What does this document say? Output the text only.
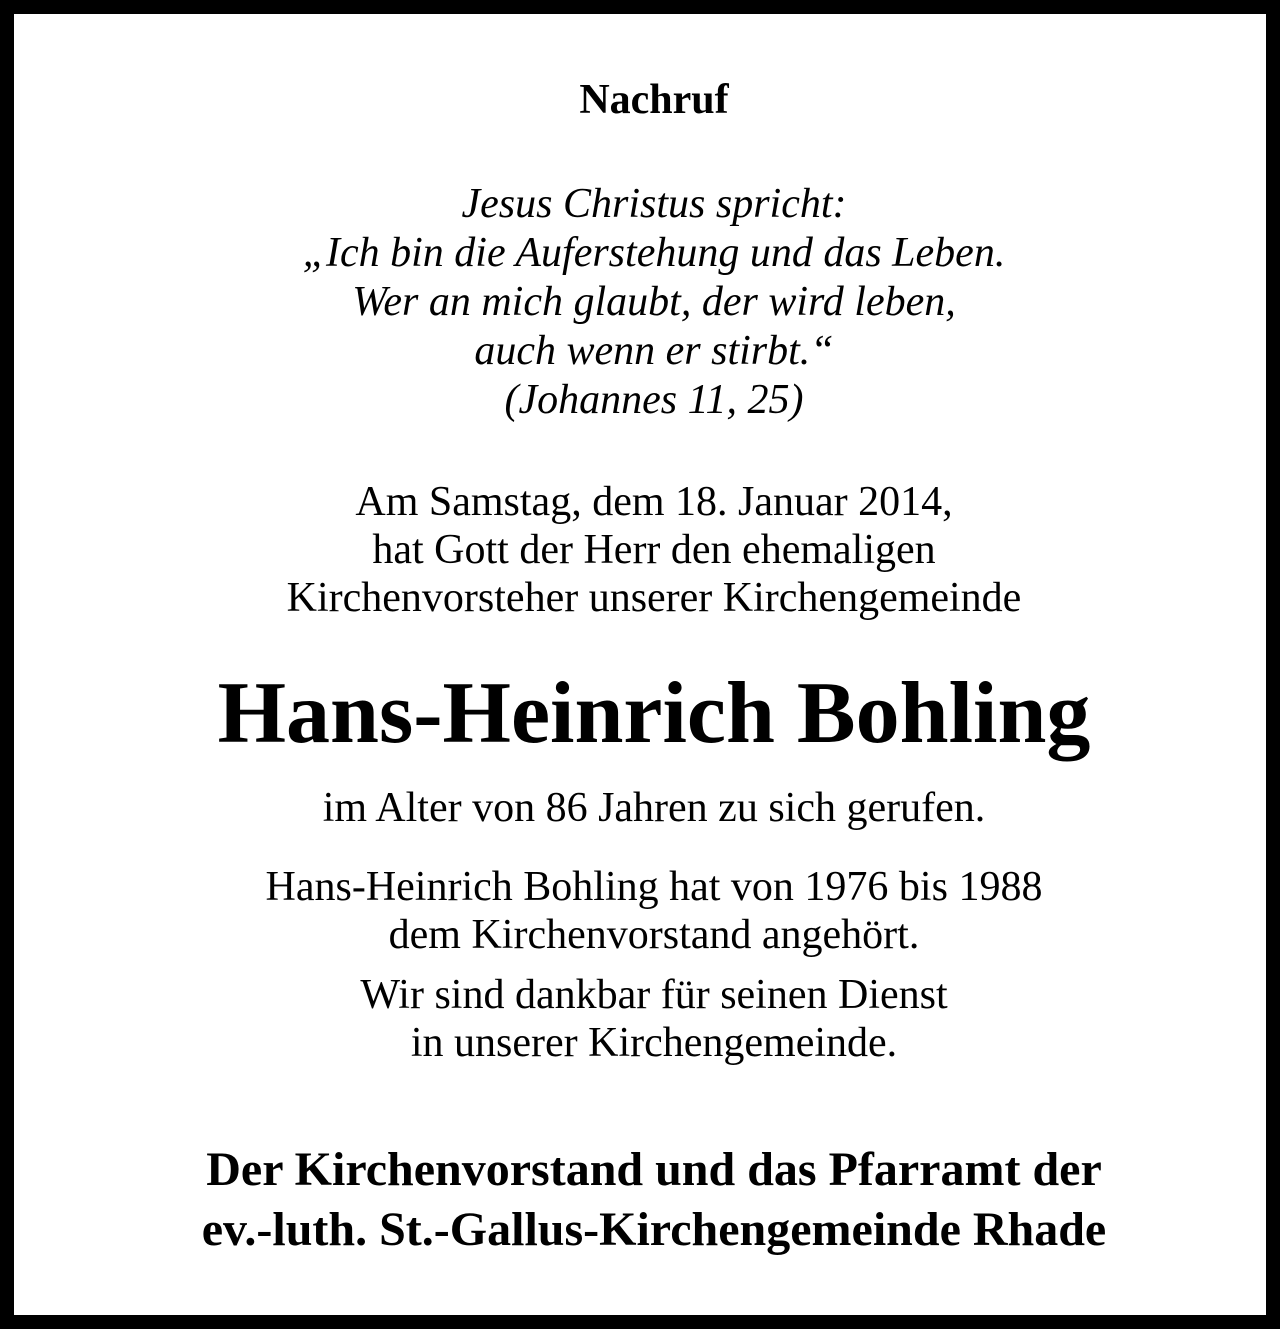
Nachruf

Jesus Christus spricht:

„Ich bin die Auferstehung und das Leben.

Wer an mich glaubt, der wird leben,

auch wenn er stirbt.“

(Johannes 11, 25)

Am Samstag, dem 18. Januar 2014,

hat Gott der Herr den ehemaligen

Kirchenvorsteher unserer Kirchengemeinde

Hans-Heinrich Bohling

im Alter von 86 Jahren zu sich gerufen.

Hans-Heinrich Bohling hat von 1976 bis 1988

dem Kirchenvorstand angehört.

Wir sind dankbar für seinen Dienst

in unserer Kirchengemeinde.

Der Kirchenvorstand und das Pfarramt der

ev.-luth. St.-Gallus-Kirchengemeinde Rhade
